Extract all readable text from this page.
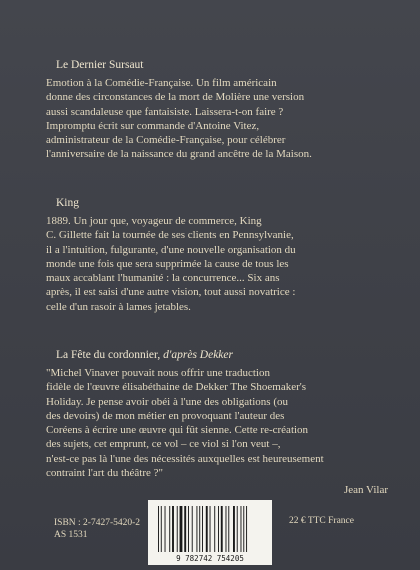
Le Dernier Sursaut

Emotion à la Comédie-Française. Un film américain
donne des circonstances de la mort de Molière une version
aussi scandaleuse que fantaisiste. Laissera-t-on faire ?
Impromptu écrit sur commande d'Antoine Vitez,
administrateur de la Comédie-Française, pour célébrer
l'anniversaire de la naissance du grand ancêtre de la Maison.

King

1889. Un jour que, voyageur de commerce, King
C. Gillette fait la tournée de ses clients en Pennsylvanie,
il a l'intuition, fulgurante, d'une nouvelle organisation du
monde une fois que sera supprimée la cause de tous les
maux accablant l'humanité : la concurrence... Six ans
après, il est saisi d'une autre vision, tout aussi novatrice :
celle d'un rasoir à lames jetables.

La Fête du cordonnier, d'après Dekker

"Michel Vinaver pouvait nous offrir une traduction
fidèle de l'œuvre élisabéthaine de Dekker The Shoemaker's
Holiday. Je pense avoir obéi à l'une des obligations (ou
des devoirs) de mon métier en provoquant l'auteur des
Coréens à écrire une œuvre qui fût sienne. Cette re-création
des sujets, cet emprunt, ce vol – ce viol si l'on veut –,
n'est-ce pas là l'une des nécessités auxquelles est heureusement
contraint l'art du théâtre ?"

Jean Vilar
ISBN : 2-7427-5420-2
AS 1531
9 782742 754205
22 € TTC France
